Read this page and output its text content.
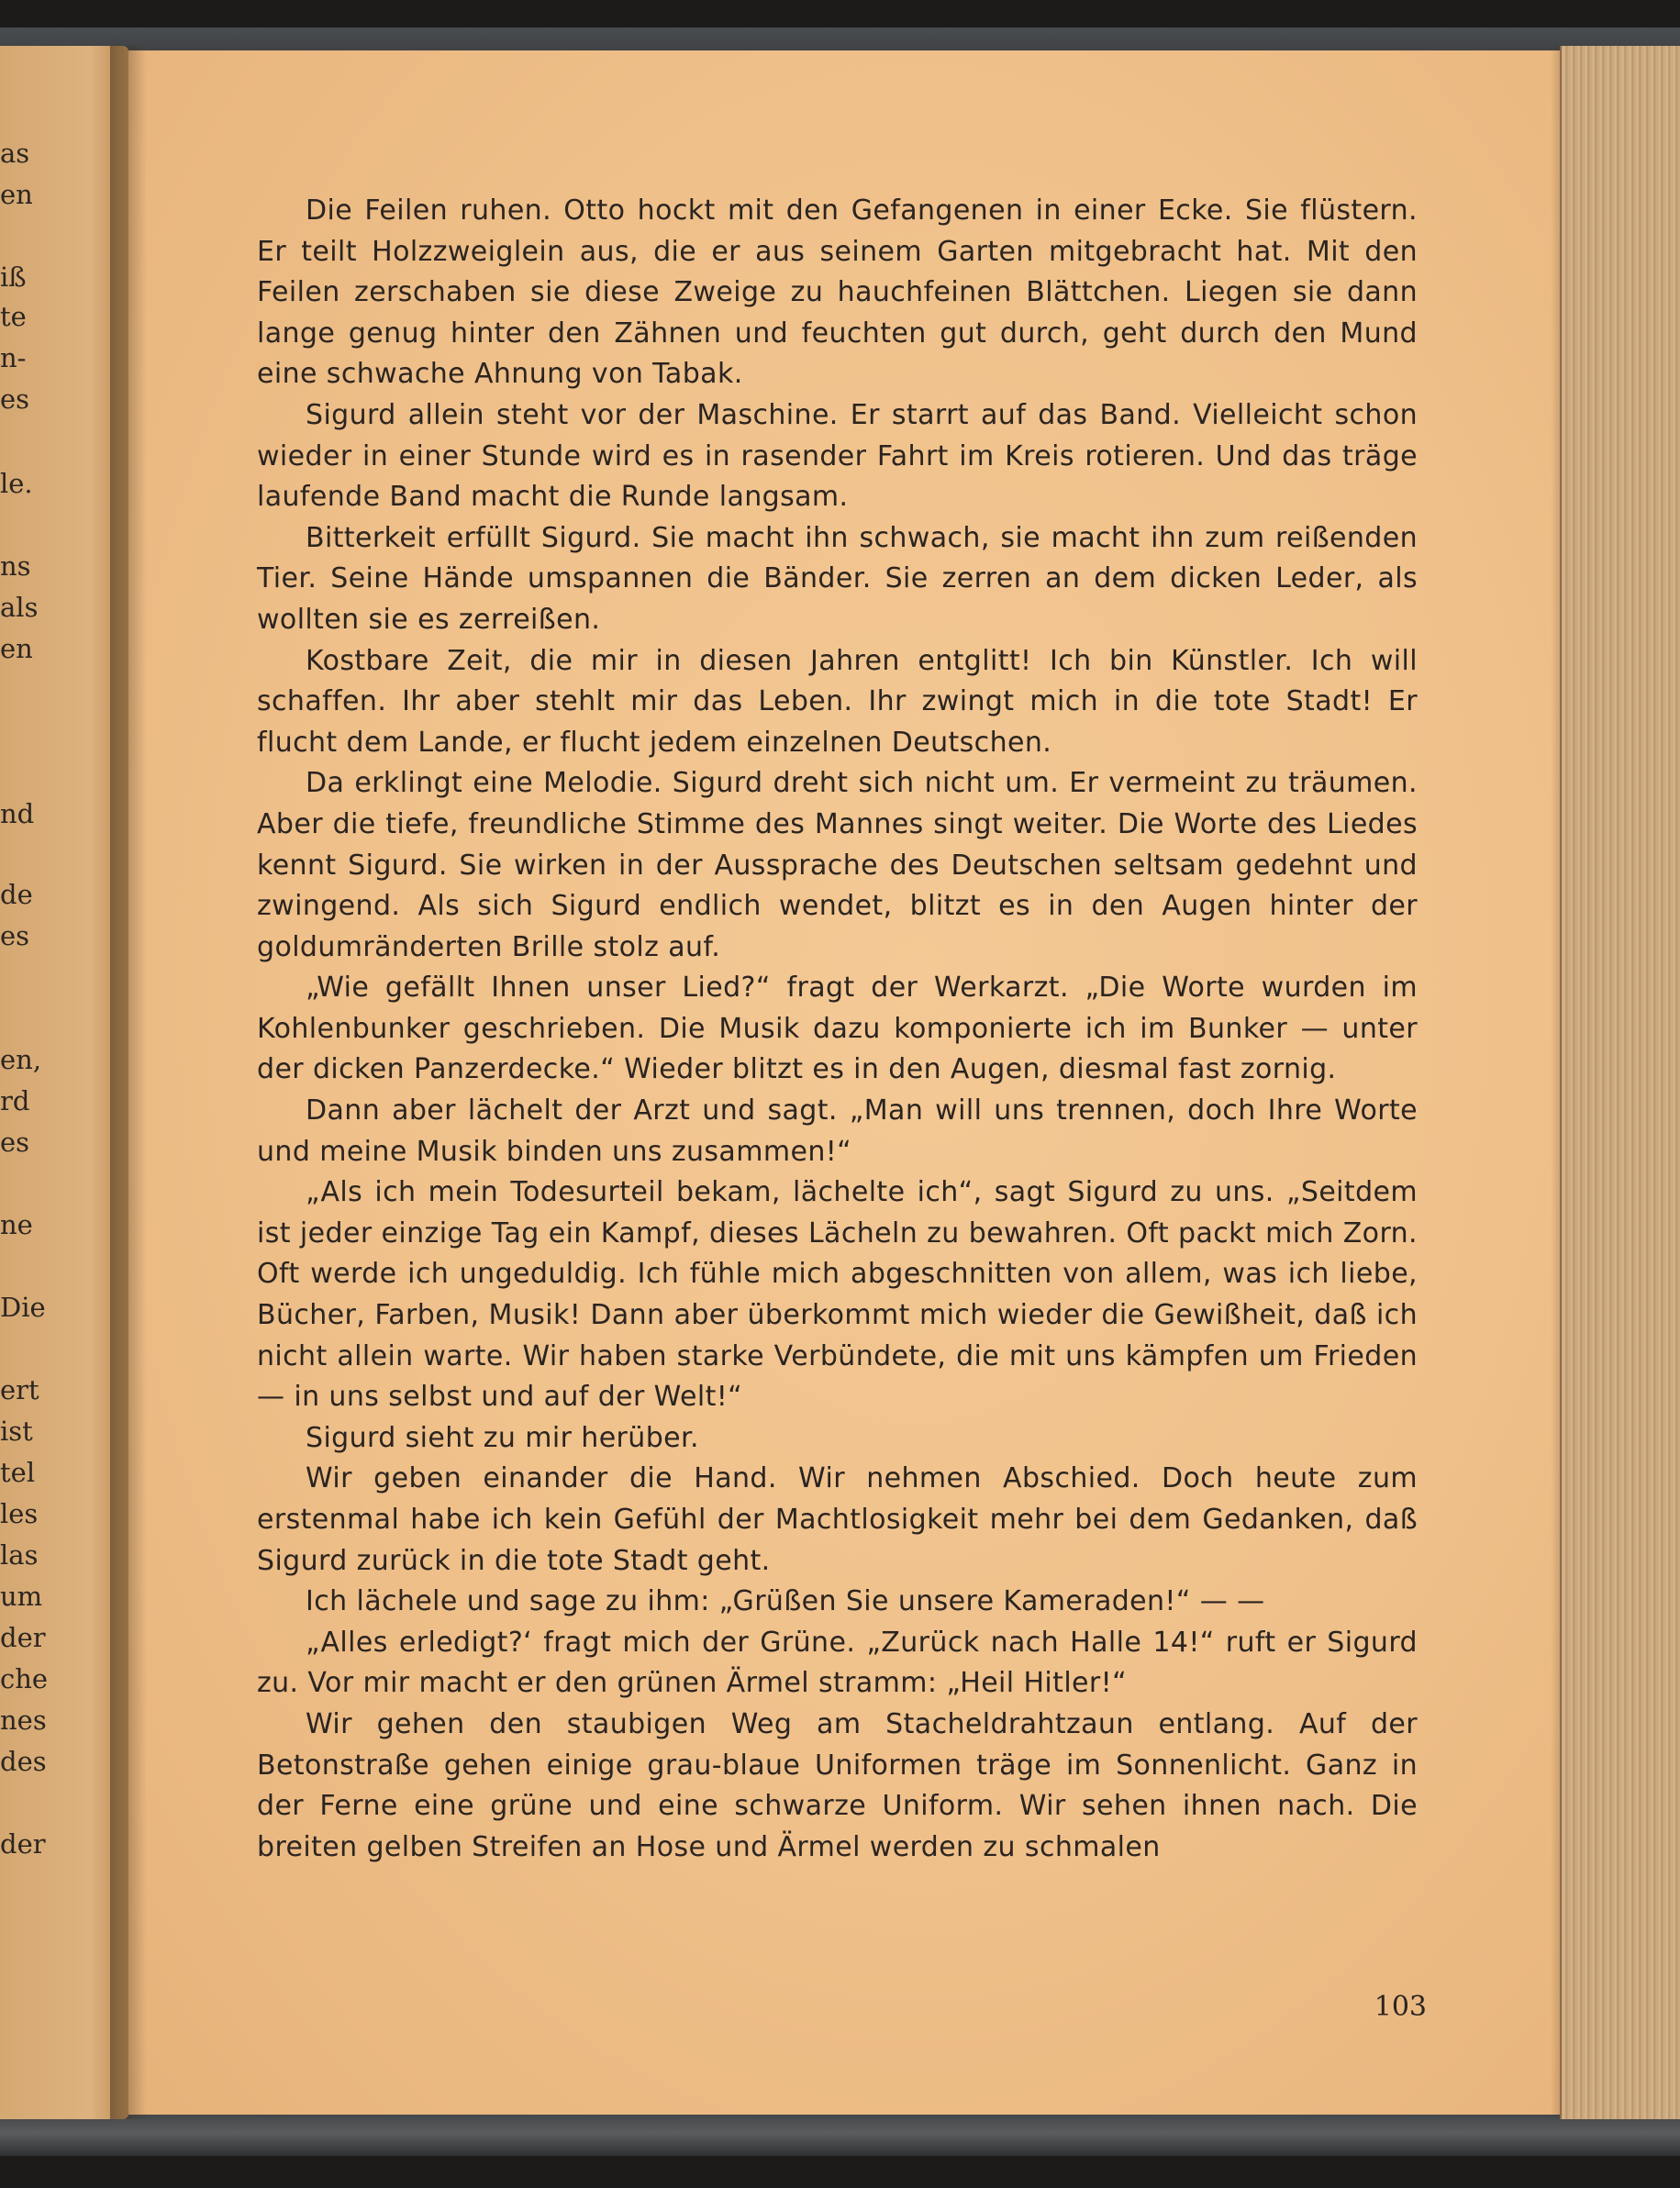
as
en
iß
te
n-
es
le.
ns
als
en
nd
de
es
en,
rd
es
ne
Die
ert
ist
tel
les
las
um
der
che
nes
des
der

Die Feilen ruhen. Otto hockt mit den Gefangenen in einer Ecke. Sie flüstern. Er teilt Holzzweiglein aus, die er aus seinem Garten mitgebracht hat. Mit den Feilen zerschaben sie diese Zweige zu hauchfeinen Blättchen. Liegen sie dann lange genug hinter den Zähnen und feuchten gut durch, geht durch den Mund eine schwache Ahnung von Tabak.

Sigurd allein steht vor der Maschine. Er starrt auf das Band. Vielleicht schon wieder in einer Stunde wird es in rasender Fahrt im Kreis rotieren. Und das träge laufende Band macht die Runde langsam.

Bitterkeit erfüllt Sigurd. Sie macht ihn schwach, sie macht ihn zum reißenden Tier. Seine Hände umspannen die Bänder. Sie zerren an dem dicken Leder, als wollten sie es zerreißen.

Kostbare Zeit, die mir in diesen Jahren entglitt! Ich bin Künstler. Ich will schaffen. Ihr aber stehlt mir das Leben. Ihr zwingt mich in die tote Stadt! Er flucht dem Lande, er flucht jedem einzelnen Deutschen.

Da erklingt eine Melodie. Sigurd dreht sich nicht um. Er vermeint zu träumen. Aber die tiefe, freundliche Stimme des Mannes singt weiter. Die Worte des Liedes kennt Sigurd. Sie wirken in der Aussprache des Deutschen seltsam gedehnt und zwingend. Als sich Sigurd endlich wendet, blitzt es in den Augen hinter der goldumränderten Brille stolz auf.

„Wie gefällt Ihnen unser Lied?“ fragt der Werkarzt. „Die Worte wurden im Kohlenbunker geschrieben. Die Musik dazu komponierte ich im Bunker — unter der dicken Panzerdecke.“ Wieder blitzt es in den Augen, diesmal fast zornig.

Dann aber lächelt der Arzt und sagt. „Man will uns trennen, doch Ihre Worte und meine Musik binden uns zusammen!“

„Als ich mein Todesurteil bekam, lächelte ich“, sagt Sigurd zu uns. „Seitdem ist jeder einzige Tag ein Kampf, dieses Lächeln zu bewahren. Oft packt mich Zorn. Oft werde ich ungeduldig. Ich fühle mich abgeschnitten von allem, was ich liebe, Bücher, Farben, Musik! Dann aber überkommt mich wieder die Gewißheit, daß ich nicht allein warte. Wir haben starke Verbündete, die mit uns kämpfen um Frieden — in uns selbst und auf der Welt!“

Sigurd sieht zu mir herüber.

Wir geben einander die Hand. Wir nehmen Abschied. Doch heute zum erstenmal habe ich kein Gefühl der Machtlosigkeit mehr bei dem Gedanken, daß Sigurd zurück in die tote Stadt geht.

Ich lächele und sage zu ihm: „Grüßen Sie unsere Kameraden!“ — —

„Alles erledigt?‘ fragt mich der Grüne. „Zurück nach Halle 14!“ ruft er Sigurd zu. Vor mir macht er den grünen Ärmel stramm: „Heil Hitler!“

Wir gehen den staubigen Weg am Stacheldrahtzaun entlang. Auf der Betonstraße gehen einige grau-blaue Uniformen träge im Sonnenlicht. Ganz in der Ferne eine grüne und eine schwarze Uniform. Wir sehen ihnen nach. Die breiten gelben Streifen an Hose und Ärmel werden zu schmalen

103
